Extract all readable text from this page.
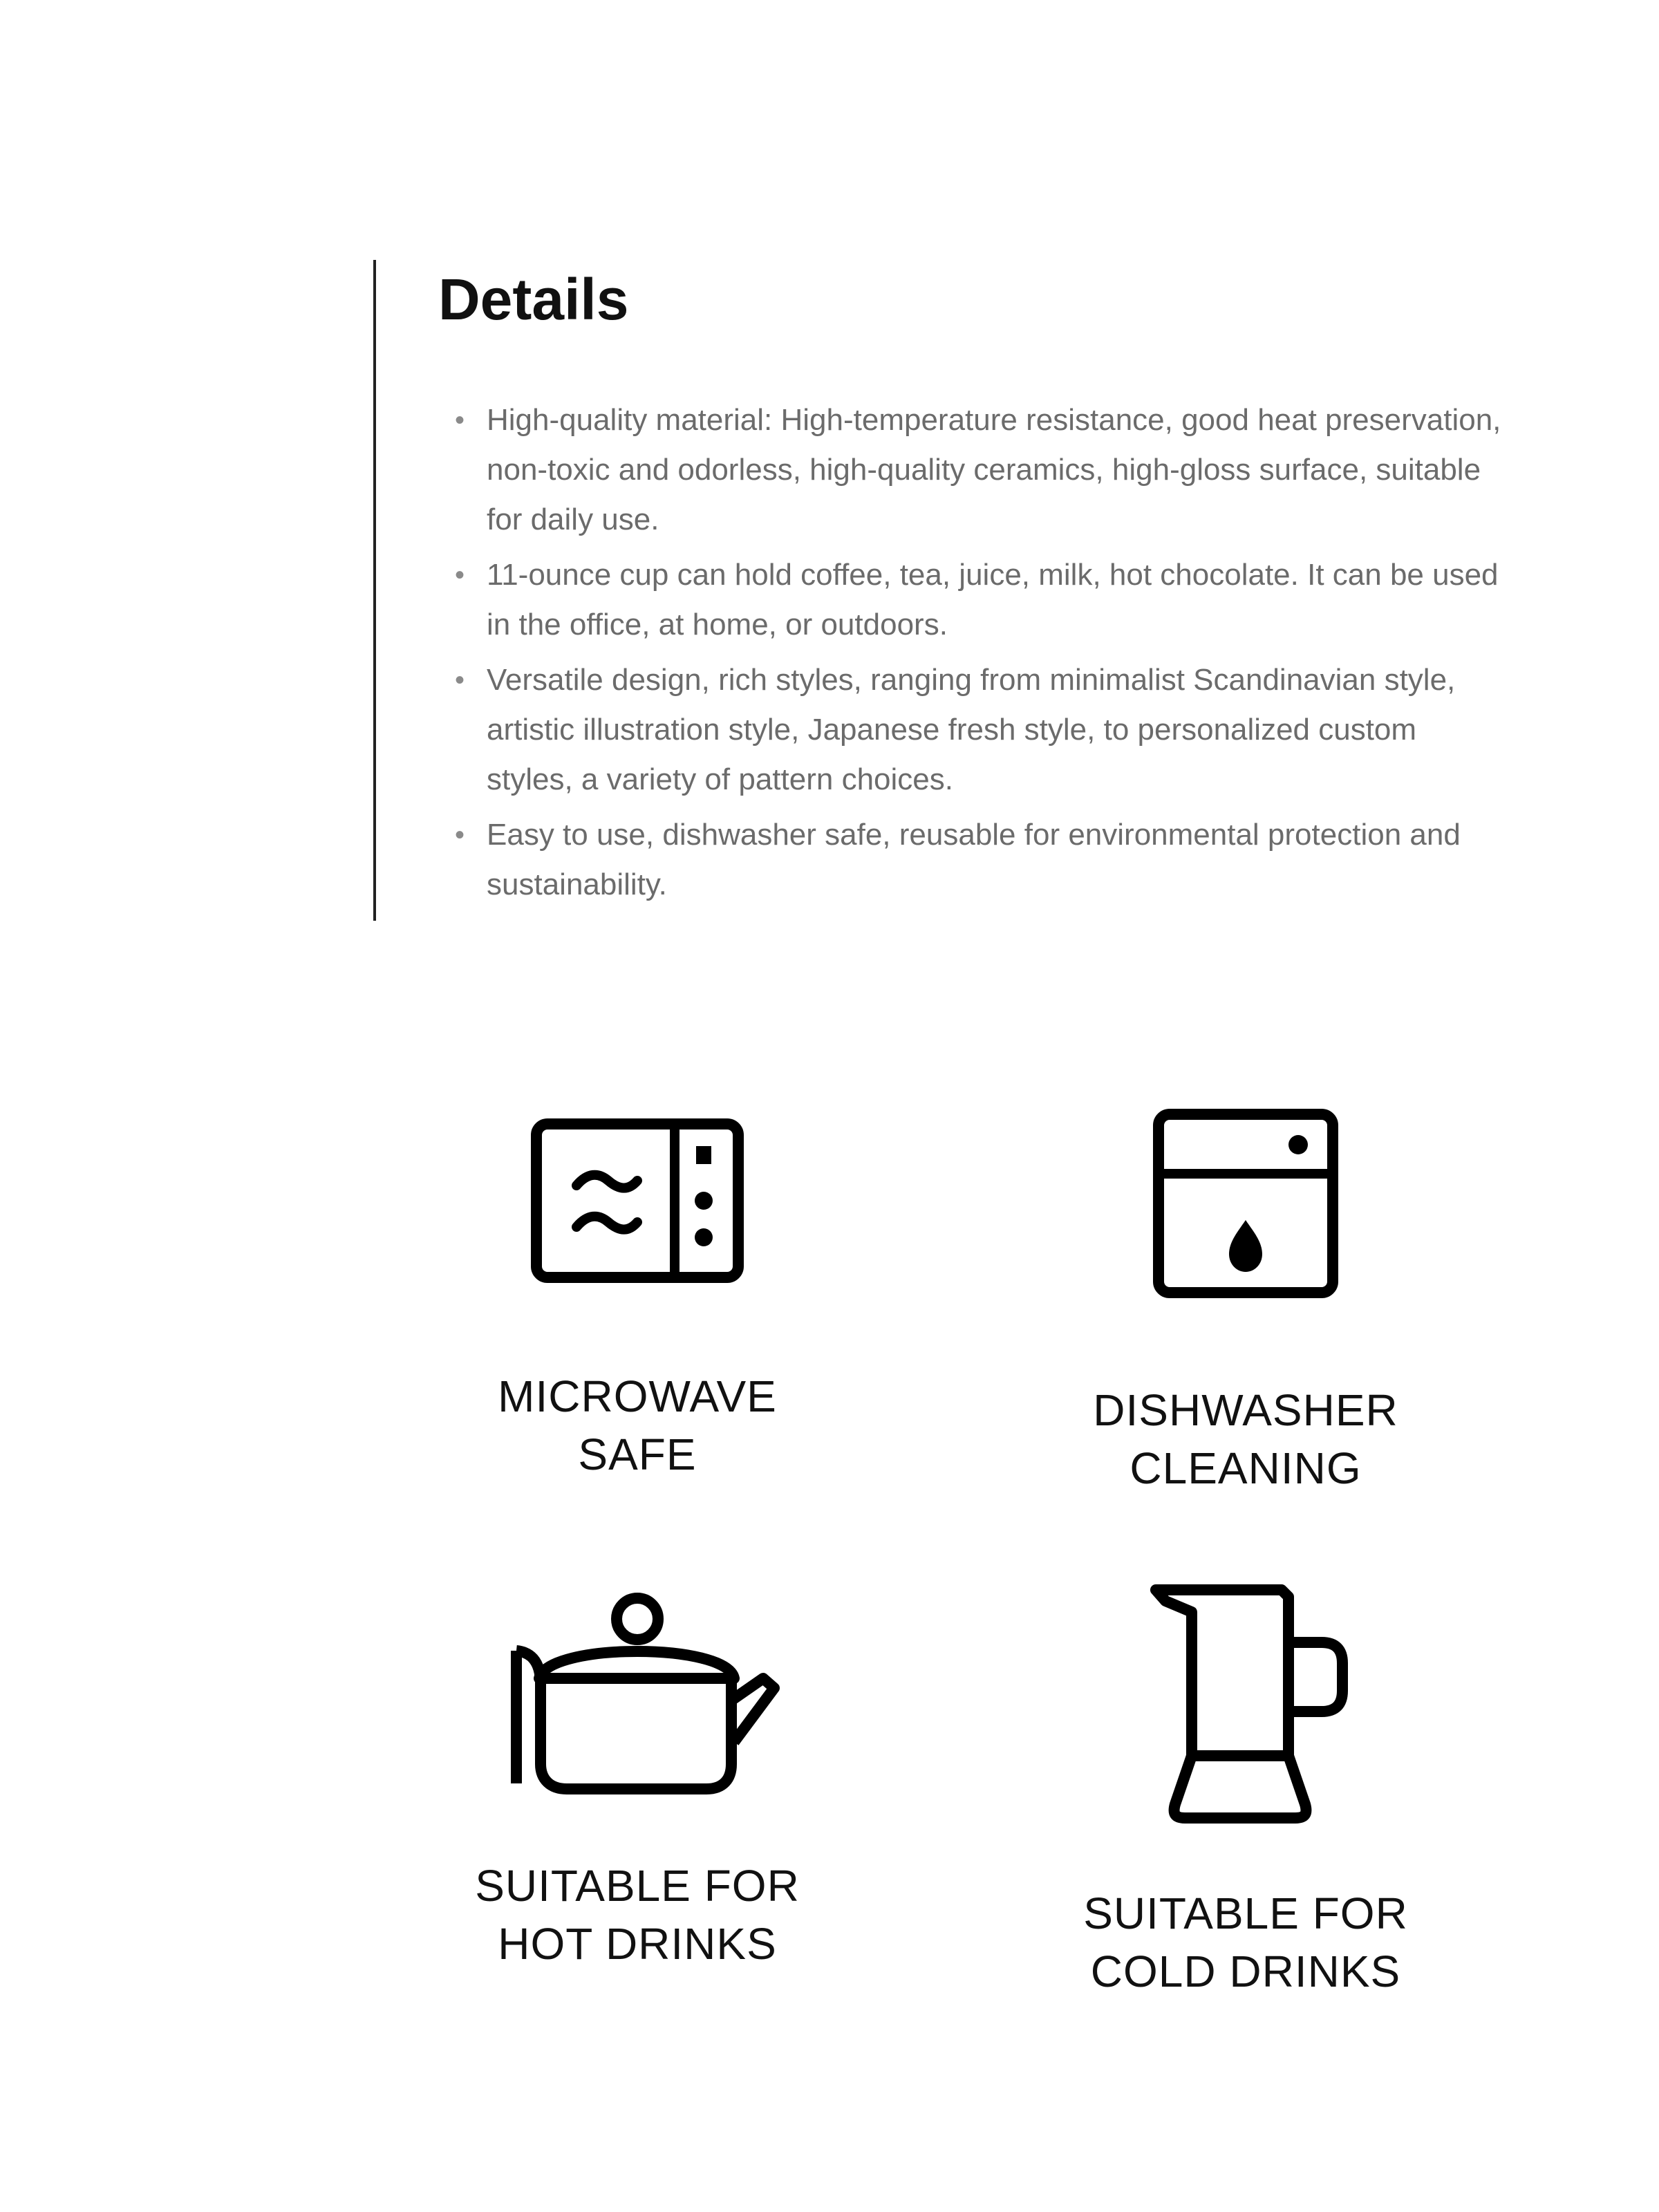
Details
• High-quality material: High-temperature resistance, good heat preservation, non-toxic and odorless, high-quality ceramics, high-gloss surface, suitable for daily use.
• 11-ounce cup can hold coffee, tea, juice, milk, hot chocolate. It can be used in the office, at home, or outdoors.
• Versatile design, rich styles, ranging from minimalist Scandinavian style, artistic illustration style, Japanese fresh style, to personalized custom styles, a variety of pattern choices.
• Easy to use, dishwasher safe, reusable for environmental protection and sustainability.
MICROWAVE
SAFE
DISHWASHER
CLEANING
SUITABLE FOR
HOT DRINKS
SUITABLE FOR
COLD DRINKS
